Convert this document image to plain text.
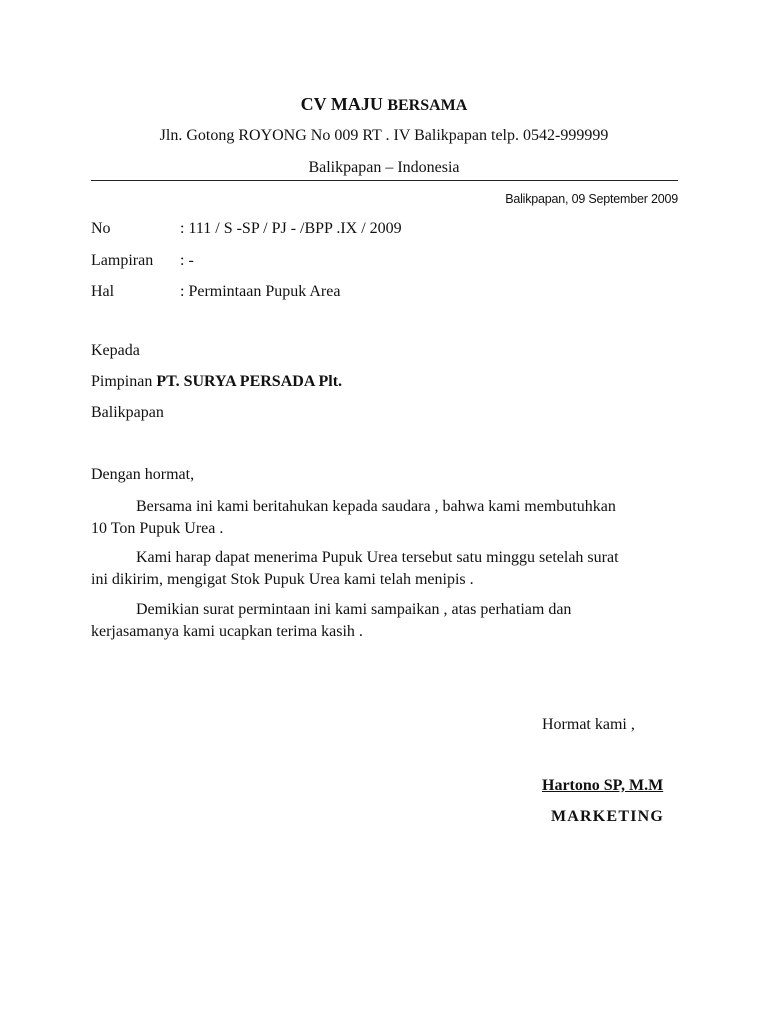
CV MAJU BERSAMA
Jln. Gotong ROYONG No 009 RT . IV Balikpapan telp. 0542-999999
Balikpapan – Indonesia
Balikpapan, 09 September 2009
No	: 111 / S -SP / PJ - /BPP .IX / 2009
Lampiran : -
Hal	: Permintaan Pupuk Area
Kepada
Pimpinan PT. SURYA PERSADA Plt.
Balikpapan
Dengan hormat,
Bersama ini kami beritahukan kepada saudara , bahwa kami membutuhkan
10 Ton Pupuk Urea .
Kami harap dapat menerima Pupuk Urea tersebut satu minggu setelah surat
ini dikirim, mengigat Stok Pupuk Urea kami telah menipis .
Demikian surat permintaan ini kami sampaikan , atas perhatiam dan
kerjasamanya kami ucapkan terima kasih .
Hormat kami ,
Hartono SP, M.M
MARKETING
